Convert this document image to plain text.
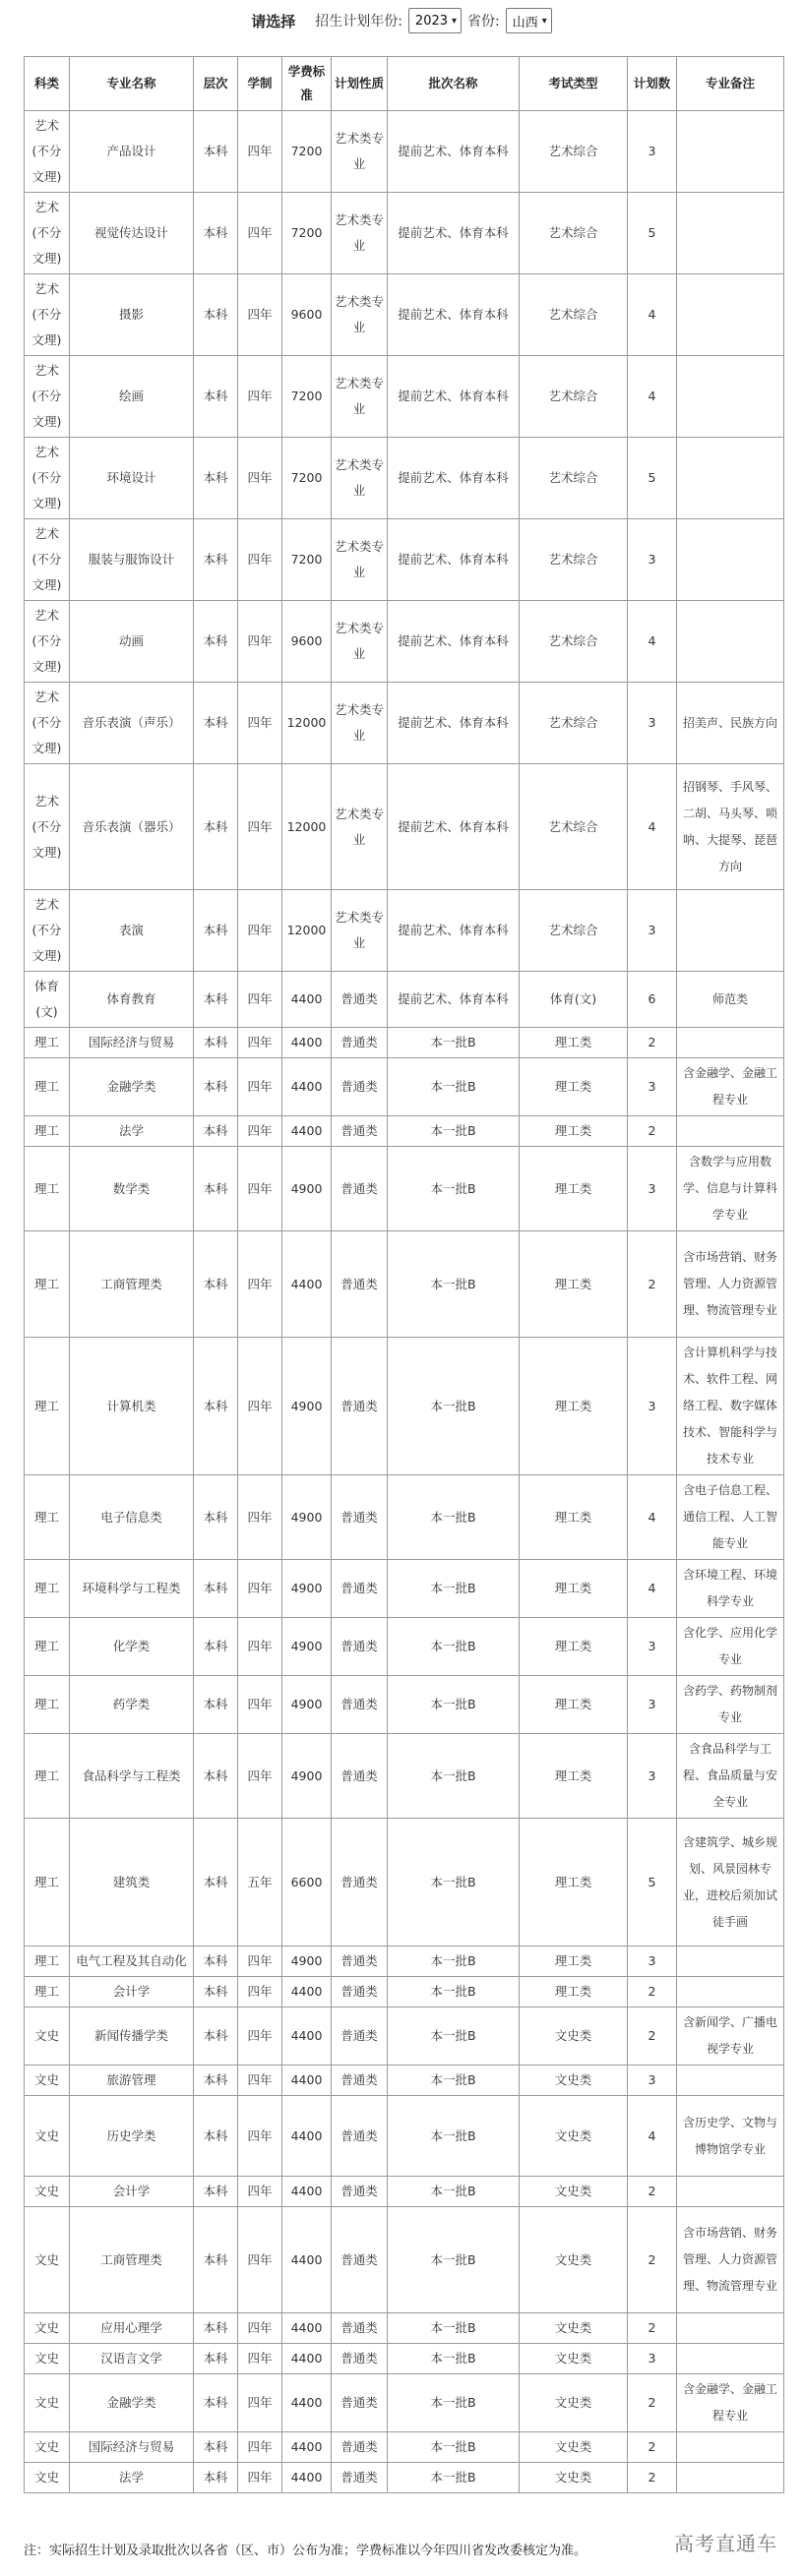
请选择 招生计划年份: 2023 ▾ 省份: 山西 ▾
科类	专业名称	层次	学制	学费标准	计划性质	批次名称	考试类型	计划数	专业备注
艺术(不分文理)	产品设计	本科	四年	7200	艺术类专业	提前艺术、体育本科	艺术综合	3	
艺术(不分文理)	视觉传达设计	本科	四年	7200	艺术类专业	提前艺术、体育本科	艺术综合	5	
艺术(不分文理)	摄影	本科	四年	9600	艺术类专业	提前艺术、体育本科	艺术综合	4	
艺术(不分文理)	绘画	本科	四年	7200	艺术类专业	提前艺术、体育本科	艺术综合	4	
艺术(不分文理)	环境设计	本科	四年	7200	艺术类专业	提前艺术、体育本科	艺术综合	5	
艺术(不分文理)	服装与服饰设计	本科	四年	7200	艺术类专业	提前艺术、体育本科	艺术综合	3	
艺术(不分文理)	动画	本科	四年	9600	艺术类专业	提前艺术、体育本科	艺术综合	4	
艺术(不分文理)	音乐表演（声乐）	本科	四年	12000	艺术类专业	提前艺术、体育本科	艺术综合	3	招美声、民族方向
艺术(不分文理)	音乐表演（器乐）	本科	四年	12000	艺术类专业	提前艺术、体育本科	艺术综合	4	招钢琴、手风琴、二胡、马头琴、唢呐、大提琴、琵琶方向
艺术(不分文理)	表演	本科	四年	12000	艺术类专业	提前艺术、体育本科	艺术综合	3	
体育(文)	体育教育	本科	四年	4400	普通类	提前艺术、体育本科	体育(文)	6	师范类
理工	国际经济与贸易	本科	四年	4400	普通类	本一批B	理工类	2	
理工	金融学类	本科	四年	4400	普通类	本一批B	理工类	3	含金融学、金融工程专业
理工	法学	本科	四年	4400	普通类	本一批B	理工类	2	
理工	数学类	本科	四年	4900	普通类	本一批B	理工类	3	含数学与应用数学、信息与计算科学专业
理工	工商管理类	本科	四年	4400	普通类	本一批B	理工类	2	含市场营销、财务管理、人力资源管理、物流管理专业
理工	计算机类	本科	四年	4900	普通类	本一批B	理工类	3	含计算机科学与技术、软件工程、网络工程、数字媒体技术、智能科学与技术专业
理工	电子信息类	本科	四年	4900	普通类	本一批B	理工类	4	含电子信息工程、通信工程、人工智能专业
理工	环境科学与工程类	本科	四年	4900	普通类	本一批B	理工类	4	含环境工程、环境科学专业
理工	化学类	本科	四年	4900	普通类	本一批B	理工类	3	含化学、应用化学专业
理工	药学类	本科	四年	4900	普通类	本一批B	理工类	3	含药学、药物制剂专业
理工	食品科学与工程类	本科	四年	4900	普通类	本一批B	理工类	3	含食品科学与工程、食品质量与安全专业
理工	建筑类	本科	五年	6600	普通类	本一批B	理工类	5	含建筑学、城乡规划、风景园林专业，进校后须加试徒手画
理工	电气工程及其自动化	本科	四年	4900	普通类	本一批B	理工类	3	
理工	会计学	本科	四年	4400	普通类	本一批B	理工类	2	
文史	新闻传播学类	本科	四年	4400	普通类	本一批B	文史类	2	含新闻学、广播电视学专业
文史	旅游管理	本科	四年	4400	普通类	本一批B	文史类	3	
文史	历史学类	本科	四年	4400	普通类	本一批B	文史类	4	含历史学、文物与博物馆学专业
文史	会计学	本科	四年	4400	普通类	本一批B	文史类	2	
文史	工商管理类	本科	四年	4400	普通类	本一批B	文史类	2	含市场营销、财务管理、人力资源管理、物流管理专业
文史	应用心理学	本科	四年	4400	普通类	本一批B	文史类	2	
文史	汉语言文学	本科	四年	4400	普通类	本一批B	文史类	3	
文史	金融学类	本科	四年	4400	普通类	本一批B	文史类	2	含金融学、金融工程专业
文史	国际经济与贸易	本科	四年	4400	普通类	本一批B	文史类	2	
文史	法学	本科	四年	4400	普通类	本一批B	文史类	2	
注：实际招生计划及录取批次以各省（区、市）公布为准；学费标准以今年四川省发改委核定为准。	高考直通车
